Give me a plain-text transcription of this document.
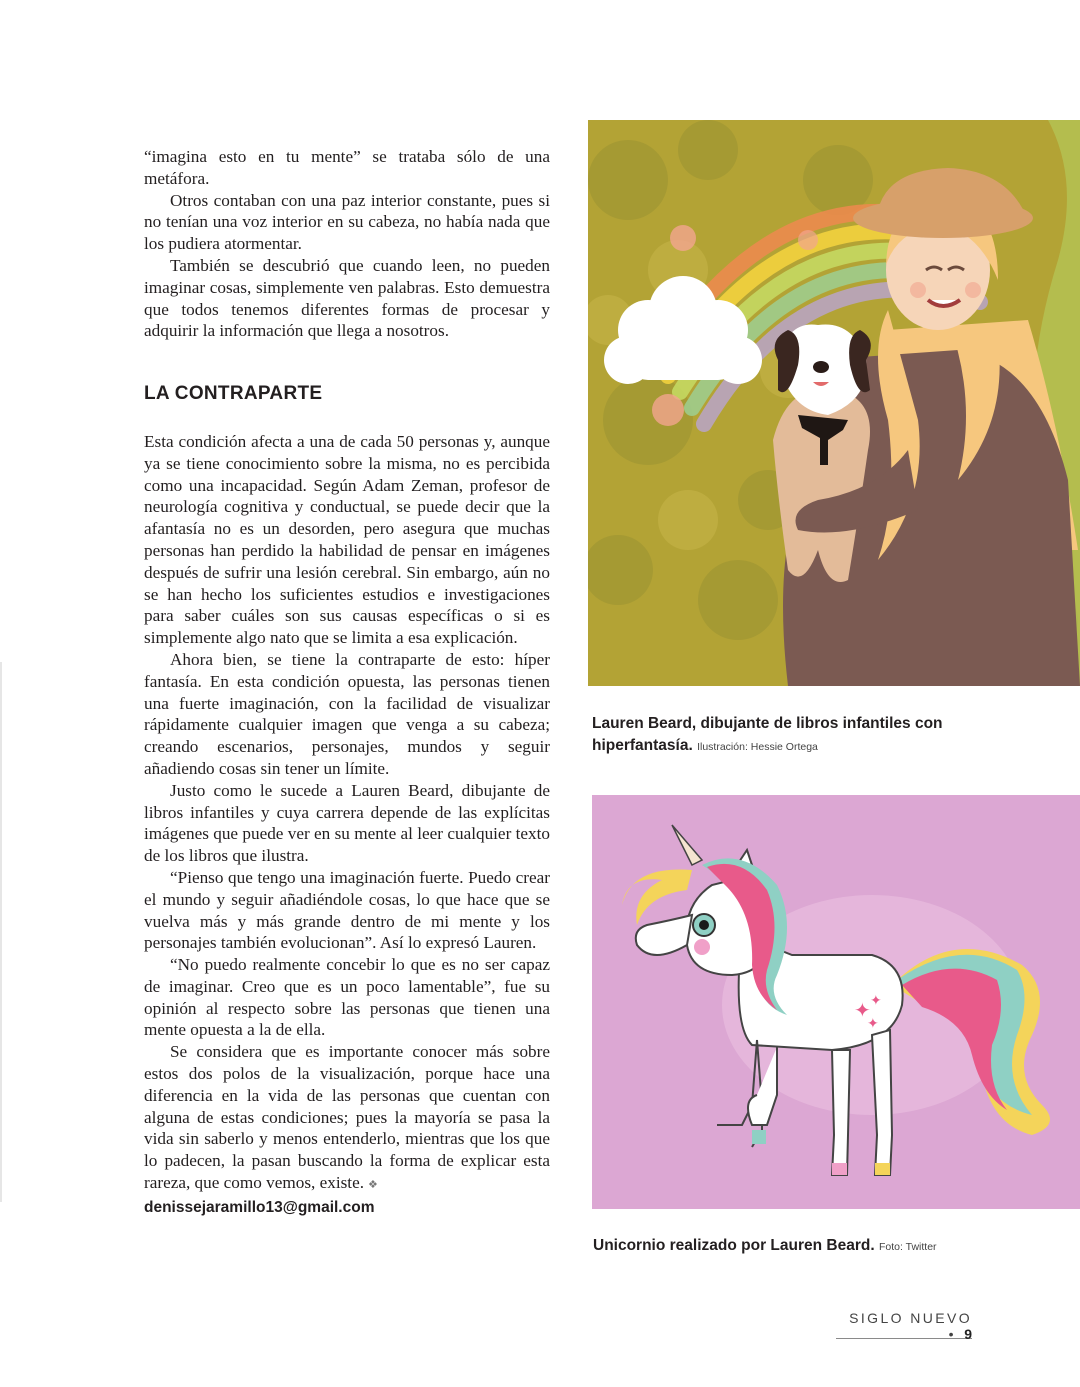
“imagina esto en tu mente” se trataba sólo de una metáfora.

Otros contaban con una paz interior constante, pues si no tenían una voz interior en su cabeza, no había nada que los pudiera atormentar.

También se descubrió que cuando leen, no pueden imaginar cosas, simplemente ven palabras. Esto demuestra que todos tenemos diferentes formas de procesar y adquirir la información que llega a nosotros.

LA CONTRAPARTE

Esta condición afecta a una de cada 50 personas y, aunque ya se tiene conocimiento sobre la misma, no es percibida como una incapacidad. Según Adam Zeman, profesor de neurología cognitiva y conductual, se puede decir que la afantasía no es un desorden, pero asegura que muchas personas han perdido la habilidad de pensar en imágenes después de sufrir una lesión cerebral. Sin embargo, aún no se han hecho los suficientes estudios e investigaciones para saber cuáles son sus causas específicas o si es simplemente algo nato que se limita a esa explicación.

Ahora bien, se tiene la contraparte de esto: híper fantasía. En esta condición opuesta, las personas tienen una fuerte imaginación, con la facilidad de visualizar rápidamente cualquier imagen que venga a su cabeza; creando escenarios, personajes, mundos y seguir añadiendo cosas sin tener un límite.

Justo como le sucede a Lauren Beard, dibujante de libros infantiles y cuya carrera depende de las explícitas imágenes que puede ver en su mente al leer cualquier texto de los libros que ilustra.

“Pienso que tengo una imaginación fuerte. Puedo crear el mundo y seguir añadiéndole cosas, lo que hace que se vuelva más y más grande dentro de mi mente y los personajes también evolucionan”. Así lo expresó Lauren.

“No puedo realmente concebir lo que es no ser capaz de imaginar. Creo que es un poco lamentable”, fue su opinión al respecto sobre las personas que tienen una mente opuesta a la de ella.

Se considera que es importante conocer más sobre estos dos polos de la visualización, porque hace una diferencia en la vida de las personas que cuentan con alguna de estas condiciones; pues la mayoría se pasa la vida sin saberlo y menos entenderlo, mientras que los que lo padecen, la pasan buscando la forma de explicar esta rareza, que como vemos, existe. ❖

denissejaramillo13@gmail.com

Lauren Beard, dibujante de libros infantiles con hiperfantasía. Ilustración: Hessie Ortega
✦ ✦
✦
Unicornio realizado por Lauren Beard. Foto: Twitter
SIGLO NUEVO • 9
